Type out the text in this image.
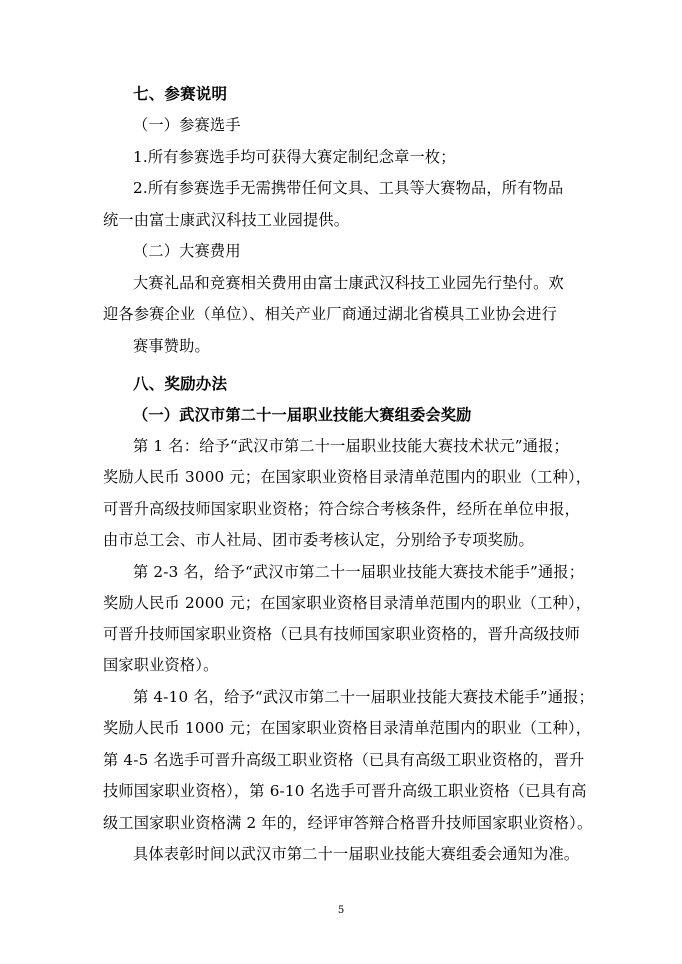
七、参赛说明
（一）参赛选手
1.所有参赛选手均可获得大赛定制纪念章一枚；
2.所有参赛选手无需携带任何文具、工具等大赛物品，所有物品
统一由富士康武汉科技工业园提供。
（二）大赛费用
大赛礼品和竞赛相关费用由富士康武汉科技工业园先行垫付。欢
迎各参赛企业（单位）、相关产业厂商通过湖北省模具工业协会进行
赛事赞助。
八、奖励办法
（一）武汉市第二十一届职业技能大赛组委会奖励
第 1 名：给予“武汉市第二十一届职业技能大赛技术状元”通报；
奖励人民币 3000 元；在国家职业资格目录清单范围内的职业（工种），
可晋升高级技师国家职业资格；符合综合考核条件，经所在单位申报，
由市总工会、市人社局、团市委考核认定，分别给予专项奖励。
第 2-3 名，给予“武汉市第二十一届职业技能大赛技术能手”通报；
奖励人民币 2000 元；在国家职业资格目录清单范围内的职业（工种），
可晋升技师国家职业资格（已具有技师国家职业资格的，晋升高级技师
国家职业资格）。
第 4-10 名，给予“武汉市第二十一届职业技能大赛技术能手”通报；
奖励人民币 1000 元；在国家职业资格目录清单范围内的职业（工种），
第 4-5 名选手可晋升高级工职业资格（已具有高级工职业资格的，晋升
技师国家职业资格），第 6-10 名选手可晋升高级工职业资格（已具有高
级工国家职业资格满 2 年的，经评审答辩合格晋升技师国家职业资格）。
具体表彰时间以武汉市第二十一届职业技能大赛组委会通知为准。
5
